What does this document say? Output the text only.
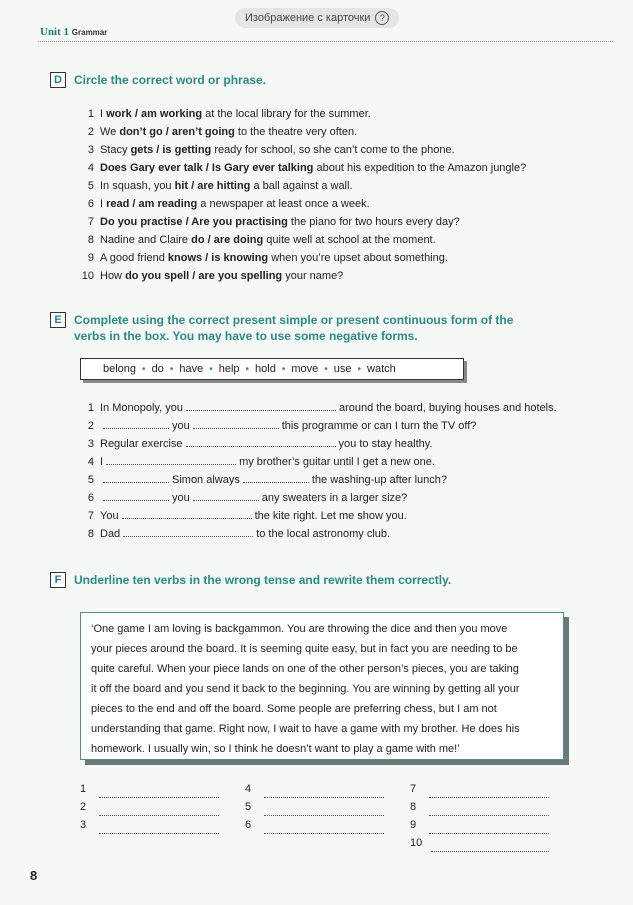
Изображение с карточки	?
Unit 1 Grammar
D	Circle the correct word or phrase.
1 I work / am working at the local library for the summer.
2 We don’t go / aren’t going to the theatre very often.
3 Stacy gets / is getting ready for school, so she can’t come to the phone.
4 Does Gary ever talk / Is Gary ever talking about his expedition to the Amazon jungle?
5 In squash, you hit / are hitting a ball against a wall.
6 I read / am reading a newspaper at least once a week.
7 Do you practise / Are you practising the piano for two hours every day?
8 Nadine and Claire do / are doing quite well at school at the moment.
9 A good friend knows / is knowing when you’re upset about something.
10 How do you spell / are you spelling your name?
E	Complete using the correct present simple or present continuous form of the
verbs in the box. You may have to use some negative forms.
belong • do • have • help • hold • move • use • watch
1 In Monopoly, you	around the board, buying houses and hotels.
2	you	this programme or can I turn the TV off?
3 Regular exercise	you to stay healthy.
4 I	my brother’s guitar until I get a new one.
5	Simon always	the washing-up after lunch?
6	you	any sweaters in a larger size?
7 You	the kite right. Let me show you.
8 Dad	to the local astronomy club.
F	Underline ten verbs in the wrong tense and rewrite them correctly.
‘One game I am loving is backgammon. You are throwing the dice and then you move
your pieces around the board. It is seeming quite easy, but in fact you are needing to be
quite careful. When your piece lands on one of the other person’s pieces, you are taking
it off the board and you send it back to the beginning. You are winning by getting all your
pieces to the end and off the board. Some people are preferring chess, but I am not
understanding that game. Right now, I wait to have a game with my brother. He does his
homework. I usually win, so I think he doesn’t want to play a game with me!’
1
2
3
4
5
6
7
8
9
10
8
